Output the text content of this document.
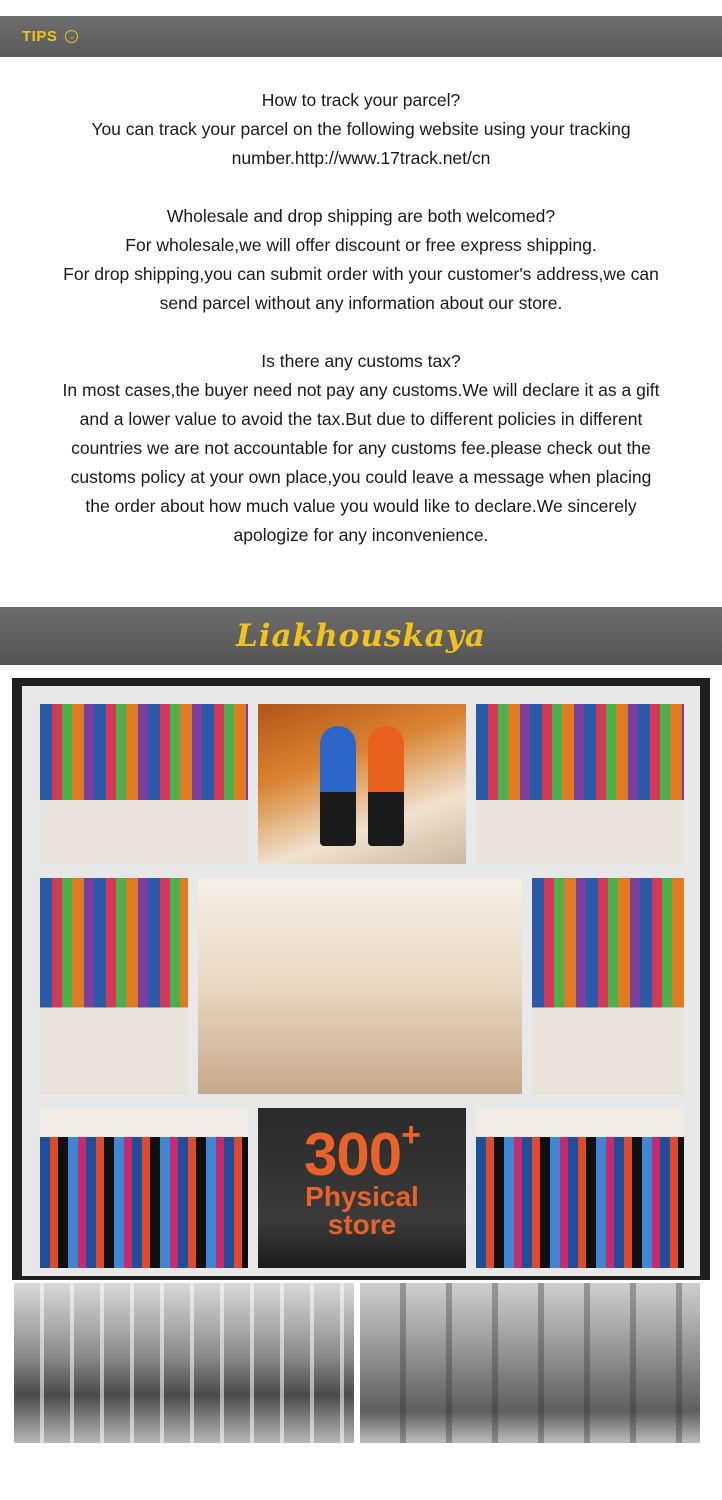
TIPS	⌄

How to track your parcel?

You can track your parcel on the following website using your tracking

number.http://www.17track.net/cn

Wholesale and drop shipping are both welcomed?

For wholesale,we will offer discount or free express shipping.

For drop shipping,you can submit order with your customer's address,we can

send parcel without any information about our store.

Is there any customs tax?

In most cases,the buyer need not pay any customs.We will declare it as a gift

and a lower value to avoid the tax.But due to different policies in different

countries we are not accountable for any customs fee.please check out the

customs policy at your own place,you could leave a message when placing

the order about how much value you would like to declare.We sincerely

apologize for any inconvenience.

Liakhouskaya
300+
Physical
store
